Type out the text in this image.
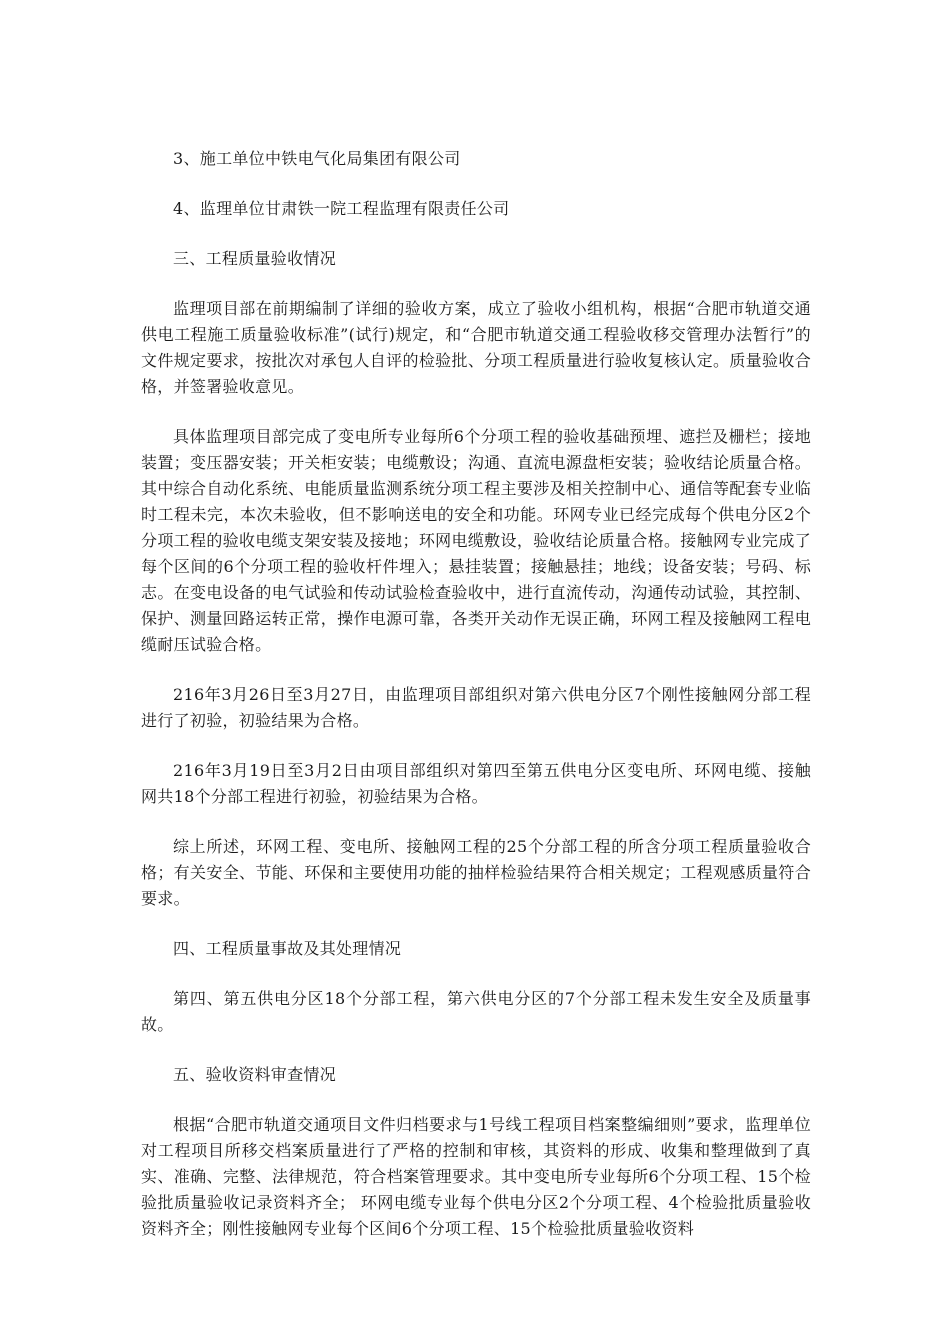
3、施工单位中铁电气化局集团有限公司

4、监理单位甘肃铁一院工程监理有限责任公司

三、工程质量验收情况

监理项目部在前期编制了详细的验收方案，成立了验收小组机构，根据“合肥市轨道交通供电工程施工质量验收标准”(试行)规定，和“合肥市轨道交通工程验收移交管理办法暂行”的文件规定要求，按批次对承包人自评的检验批、分项工程质量进行验收复核认定。质量验收合格，并签署验收意见。

具体监理项目部完成了变电所专业每所6个分项工程的验收基础预埋、遮拦及栅栏；接地装置；变压器安装；开关柜安装；电缆敷设；沟通、直流电源盘柜安装；验收结论质量合格。其中综合自动化系统、电能质量监测系统分项工程主要涉及相关控制中心、通信等配套专业临时工程未完，本次未验收，但不影响送电的安全和功能。环网专业已经完成每个供电分区2个分项工程的验收电缆支架安装及接地；环网电缆敷设，验收结论质量合格。接触网专业完成了每个区间的6个分项工程的验收杆件埋入；悬挂装置；接触悬挂；地线；设备安装；号码、标志。在变电设备的电气试验和传动试验检查验收中，进行直流传动，沟通传动试验，其控制、保护、测量回路运转正常，操作电源可靠，各类开关动作无误正确，环网工程及接触网工程电缆耐压试验合格。

216年3月26日至3月27日，由监理项目部组织对第六供电分区7个刚性接触网分部工程进行了初验，初验结果为合格。

216年3月19日至3月2日由项目部组织对第四至第五供电分区变电所、环网电缆、接触网共18个分部工程进行初验，初验结果为合格。

综上所述，环网工程、变电所、接触网工程的25个分部工程的所含分项工程质量验收合格；有关安全、节能、环保和主要使用功能的抽样检验结果符合相关规定；工程观感质量符合要求。

四、工程质量事故及其处理情况

第四、第五供电分区18个分部工程，第六供电分区的7个分部工程未发生安全及质量事故。

五、验收资料审查情况

根据“合肥市轨道交通项目文件归档要求与1号线工程项目档案整编细则”要求，监理单位对工程项目所移交档案质量进行了严格的控制和审核，其资料的形成、收集和整理做到了真实、准确、完整、法律规范，符合档案管理要求。其中变电所专业每所6个分项工程、15个检验批质量验收记录资料齐全； 环网电缆专业每个供电分区2个分项工程、4个检验批质量验收资料齐全；刚性接触网专业每个区间6个分项工程、15个检验批质量验收资料
